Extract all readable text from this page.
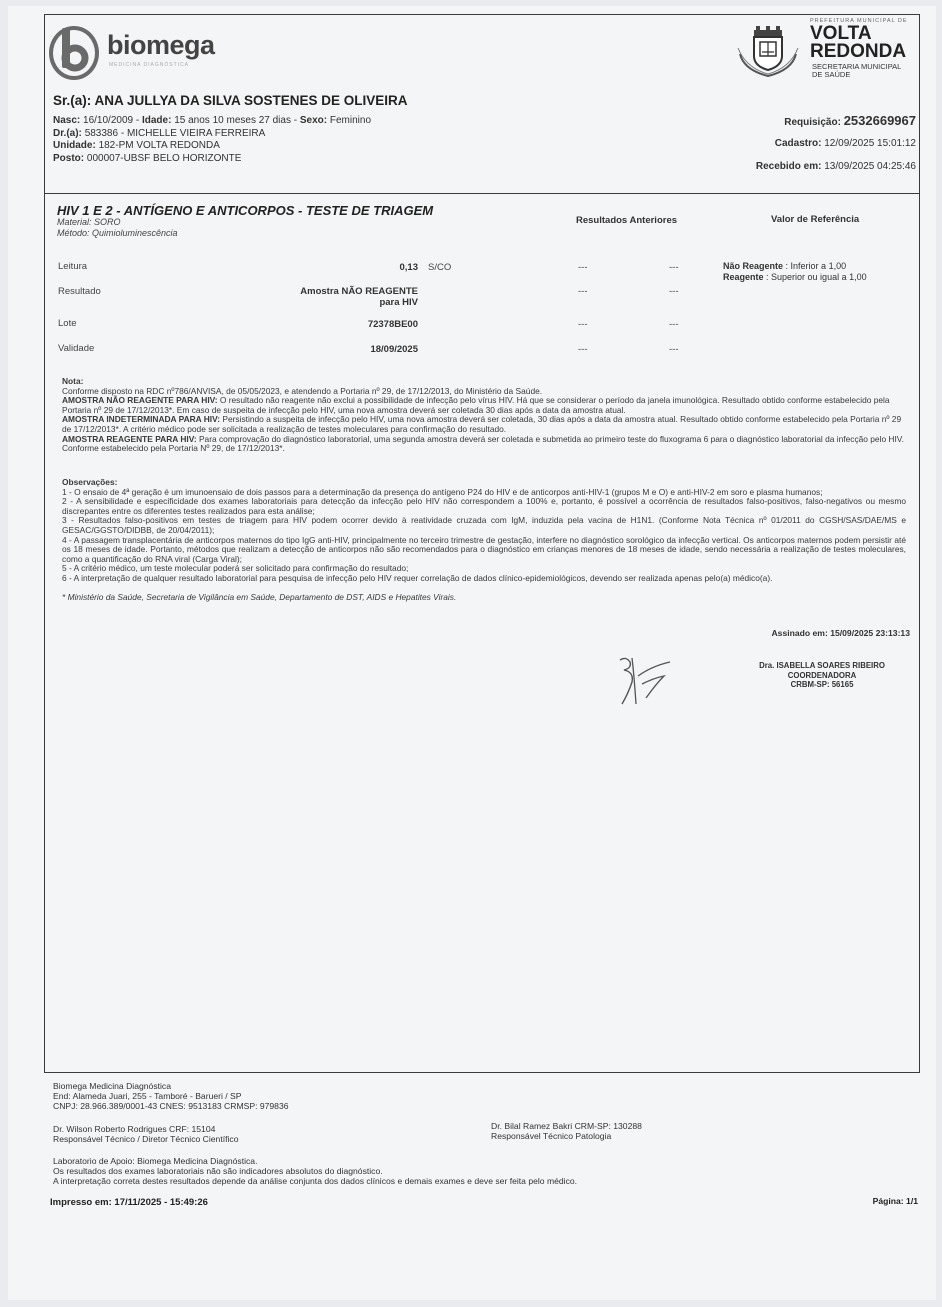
biomega
MEDICINA DIAGNÓSTICA
PREFEITURA MUNICIPAL DE
VOLTA
REDONDA
SECRETARIA MUNICIPAL
DE SAÚDE
Sr.(a): ANA JULLYA DA SILVA SOSTENES DE OLIVEIRA
Nasc: 16/10/2009 - Idade: 15 anos 10 meses 27 dias - Sexo: Feminino
Dr.(a): 583386 - MICHELLE VIEIRA FERREIRA
Unidade: 182-PM VOLTA REDONDA
Posto: 000007-UBSF BELO HORIZONTE
Requisição: 2532669967
Cadastro: 12/09/2025 15:01:12
Recebido em: 13/09/2025 04:25:46
HIV 1 E 2 - ANTÍGENO E ANTICORPOS - TESTE DE TRIAGEM
Material: SORO
Método: Quimioluminescência
Resultados Anteriores	Valor de Referência
Leitura	0,13 S/CO	---	---
Resultado	Amostra NÃO REAGENTE
para HIV
---	---
Lote	72378BE00	---	---
Validade	18/09/2025	---	---
Não Reagente : Inferior a 1,00
Reagente : Superior ou igual a 1,00

Nota:

Conforme disposto na RDC nº786/ANVISA, de 05/05/2023, e atendendo a Portaria nº 29, de 17/12/2013, do Ministério da Saúde.

AMOSTRA NÃO REAGENTE PARA HIV: O resultado não reagente não exclui a possibilidade de infecção pelo vírus HIV. Há que se considerar o período da janela imunológica. Resultado obtido conforme estabelecido pela Portaria nº 29 de 17/12/2013*. Em caso de suspeita de infecção pelo HIV, uma nova amostra deverá ser coletada 30 dias após a data da amostra atual.

AMOSTRA INDETERMINADA PARA HIV: Persistindo a suspeita de infecção pelo HIV, uma nova amostra deverá ser coletada, 30 dias após a data da amostra atual. Resultado obtido conforme estabelecido pela Portaria nº 29 de 17/12/2013*. A critério médico pode ser solicitada a realização de testes moleculares para confirmação do resultado.

AMOSTRA REAGENTE PARA HIV: Para comprovação do diagnóstico laboratorial, uma segunda amostra deverá ser coletada e submetida ao primeiro teste do fluxograma 6 para o diagnóstico laboratorial da infecção pelo HIV. Conforme estabelecido pela Portaria Nº 29, de 17/12/2013*.

Observações:

1 - O ensaio de 4ª geração é um imunoensaio de dois passos para a determinação da presença do antígeno P24 do HIV e de anticorpos anti-HIV-1 (grupos M e O) e anti-HIV-2 em soro e plasma humanos;

2 - A sensibilidade e especificidade dos exames laboratoriais para detecção da infecção pelo HIV não correspondem a 100% e, portanto, é possível a ocorrência de resultados falso-positivos, falso-negativos ou mesmo discrepantes entre os diferentes testes realizados para esta análise;

3 - Resultados falso-positivos em testes de triagem para HIV podem ocorrer devido à reatividade cruzada com IgM, induzida pela vacina de H1N1. (Conforme Nota Técnica nº 01/2011 do CGSH/SAS/DAE/MS e GESAC/GGSTO/DIDBB, de 20/04/2011);

4 - A passagem transplacentária de anticorpos maternos do tipo IgG anti-HIV, principalmente no terceiro trimestre de gestação, interfere no diagnóstico sorológico da infecção vertical. Os anticorpos maternos podem persistir até os 18 meses de idade. Portanto, métodos que realizam a detecção de anticorpos não são recomendados para o diagnóstico em crianças menores de 18 meses de idade, sendo necessária a realização de testes moleculares, como a quantificação do RNA viral (Carga Viral);

5 - A critério médico, um teste molecular poderá ser solicitado para confirmação do resultado;

6 - A interpretação de qualquer resultado laboratorial para pesquisa de infecção pelo HIV requer correlação de dados clínico-epidemiológicos, devendo ser realizada apenas pelo(a) médico(a).

* Ministério da Saúde, Secretaria de Vigilância em Saúde, Departamento de DST, AIDS e Hepatites Virais.

Assinado em: 15/09/2025 23:13:13
Dra. ISABELLA SOARES RIBEIRO
COORDENADORA
CRBM-SP: 56165
Biomega Medicina Diagnóstica
End: Alameda Juari, 255 - Tamboré - Barueri / SP
CNPJ: 28.966.389/0001-43 CNES: 9513183 CRMSP: 979836
Dr. Wilson Roberto Rodrigues CRF: 15104
Responsável Técnico / Diretor Técnico Científico
Dr. Bilal Ramez Bakri CRM-SP: 130288
Responsável Técnico Patologia
Laboratorio de Apoio: Biomega Medicina Diagnóstica.
Os resultados dos exames laboratoriais não são indicadores absolutos do diagnóstico.
A interpretação correta destes resultados depende da análise conjunta dos dados clínicos e demais exames e deve ser feita pelo médico.
Impresso em: 17/11/2025 - 15:49:26	Página: 1/1
